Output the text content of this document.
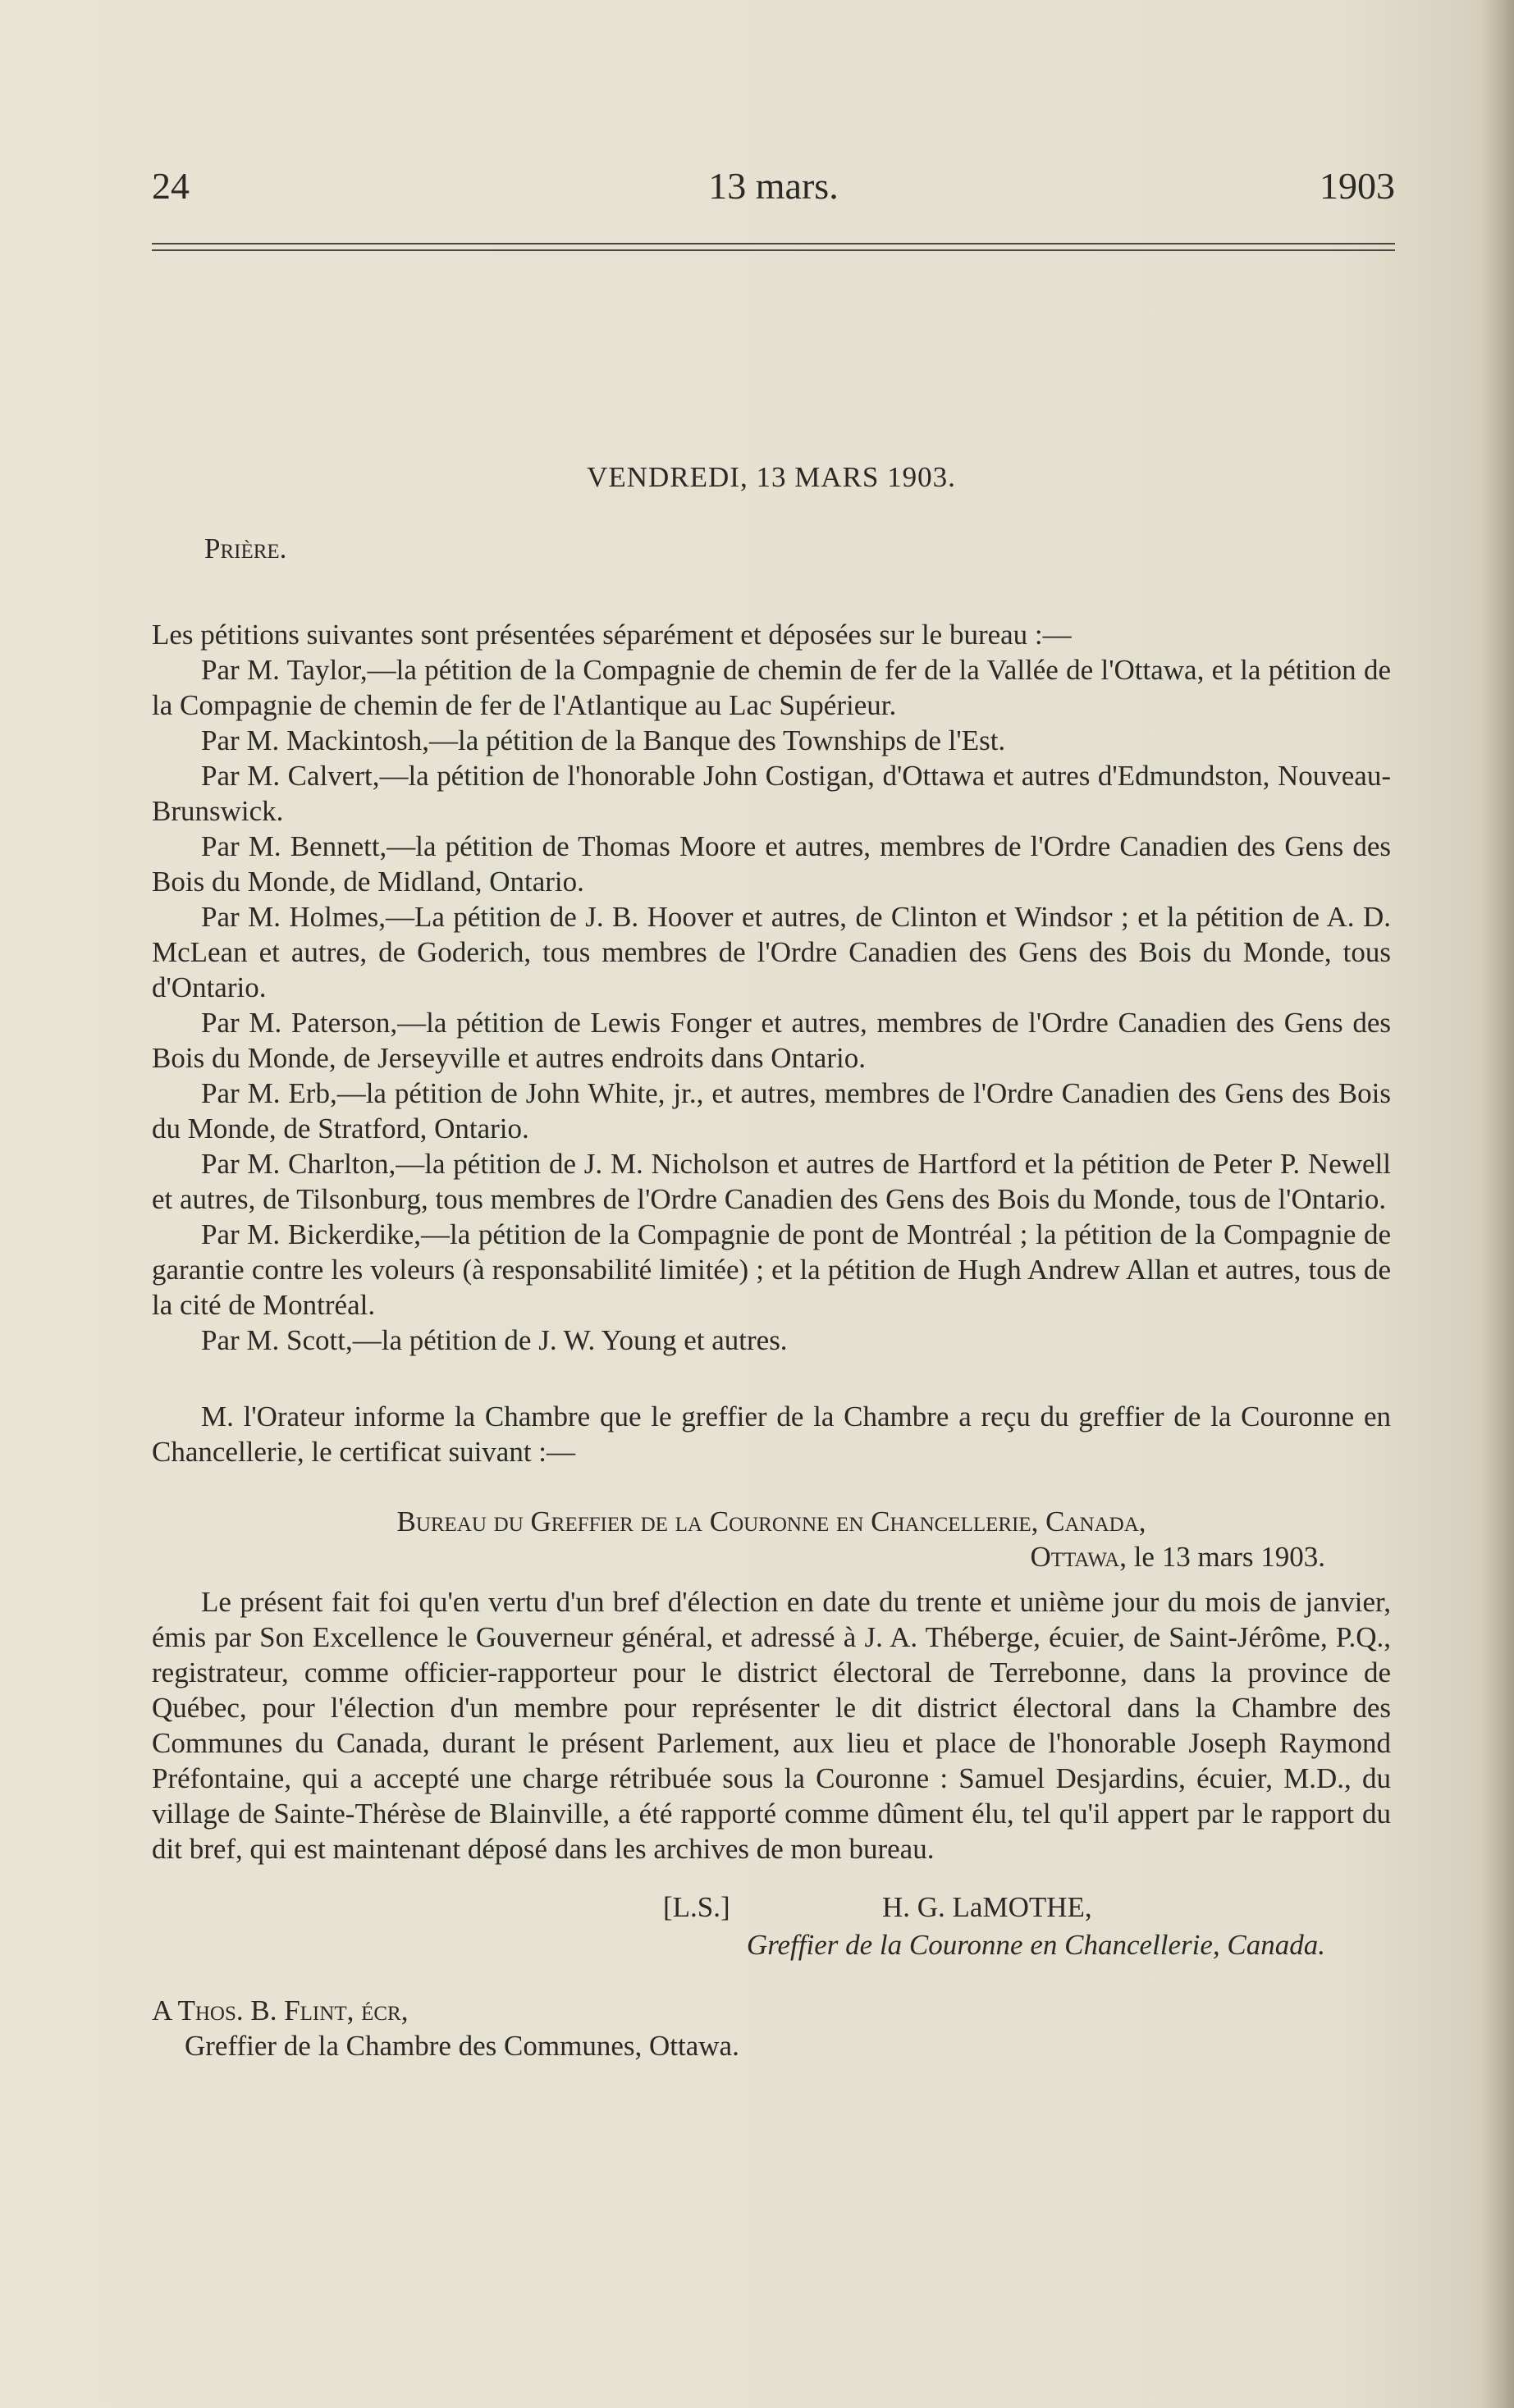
24	13 mars.	1903
VENDREDI, 13 MARS 1903.
Prière.

Les pétitions suivantes sont présentées séparément et déposées sur le bureau :—

Par M. Taylor,—la pétition de la Compagnie de chemin de fer de la Vallée de l'Ottawa, et la pétition de la Compagnie de chemin de fer de l'Atlantique au Lac Supérieur.

Par M. Mackintosh,—la pétition de la Banque des Townships de l'Est.

Par M. Calvert,—la pétition de l'honorable John Costigan, d'Ottawa et autres d'Edmundston, Nouveau-Brunswick.

Par M. Bennett,—la pétition de Thomas Moore et autres, membres de l'Ordre Canadien des Gens des Bois du Monde, de Midland, Ontario.

Par M. Holmes,—La pétition de J. B. Hoover et autres, de Clinton et Windsor ; et la pétition de A. D. McLean et autres, de Goderich, tous membres de l'Ordre Canadien des Gens des Bois du Monde, tous d'Ontario.

Par M. Paterson,—la pétition de Lewis Fonger et autres, membres de l'Ordre Canadien des Gens des Bois du Monde, de Jerseyville et autres endroits dans Ontario.

Par M. Erb,—la pétition de John White, jr., et autres, membres de l'Ordre Canadien des Gens des Bois du Monde, de Stratford, Ontario.

Par M. Charlton,—la pétition de J. M. Nicholson et autres de Hartford et la pétition de Peter P. Newell et autres, de Tilsonburg, tous membres de l'Ordre Canadien des Gens des Bois du Monde, tous de l'Ontario.

Par M. Bickerdike,—la pétition de la Compagnie de pont de Montréal ; la pétition de la Compagnie de garantie contre les voleurs (à responsabilité limitée) ; et la pétition de Hugh Andrew Allan et autres, tous de la cité de Montréal.

Par M. Scott,—la pétition de J. W. Young et autres.

M. l'Orateur informe la Chambre que le greffier de la Chambre a reçu du greffier de la Couronne en Chancellerie, le certificat suivant :—

Bureau du Greffier de la Couronne en Chancellerie, Canada,
Ottawa, le 13 mars 1903.

Le présent fait foi qu'en vertu d'un bref d'élection en date du trente et unième jour du mois de janvier, émis par Son Excellence le Gouverneur général, et adressé à J. A. Théberge, écuier, de Saint-Jérôme, P.Q., registrateur, comme officier-rapporteur pour le district électoral de Terrebonne, dans la province de Québec, pour l'élection d'un membre pour représenter le dit district électoral dans la Chambre des Communes du Canada, durant le présent Parlement, aux lieu et place de l'honorable Joseph Raymond Préfontaine, qui a accepté une charge rétribuée sous la Couronne : Samuel Desjardins, écuier, M.D., du village de Sainte-Thérèse de Blainville, a été rapporté comme dûment élu, tel qu'il appert par le rapport du dit bref, qui est maintenant déposé dans les archives de mon bureau.

[L.S.]	H. G. LaMOTHE,
Greffier de la Couronne en Chancellerie, Canada.
A Thos. B. Flint, écr,
Greffier de la Chambre des Communes, Ottawa.
